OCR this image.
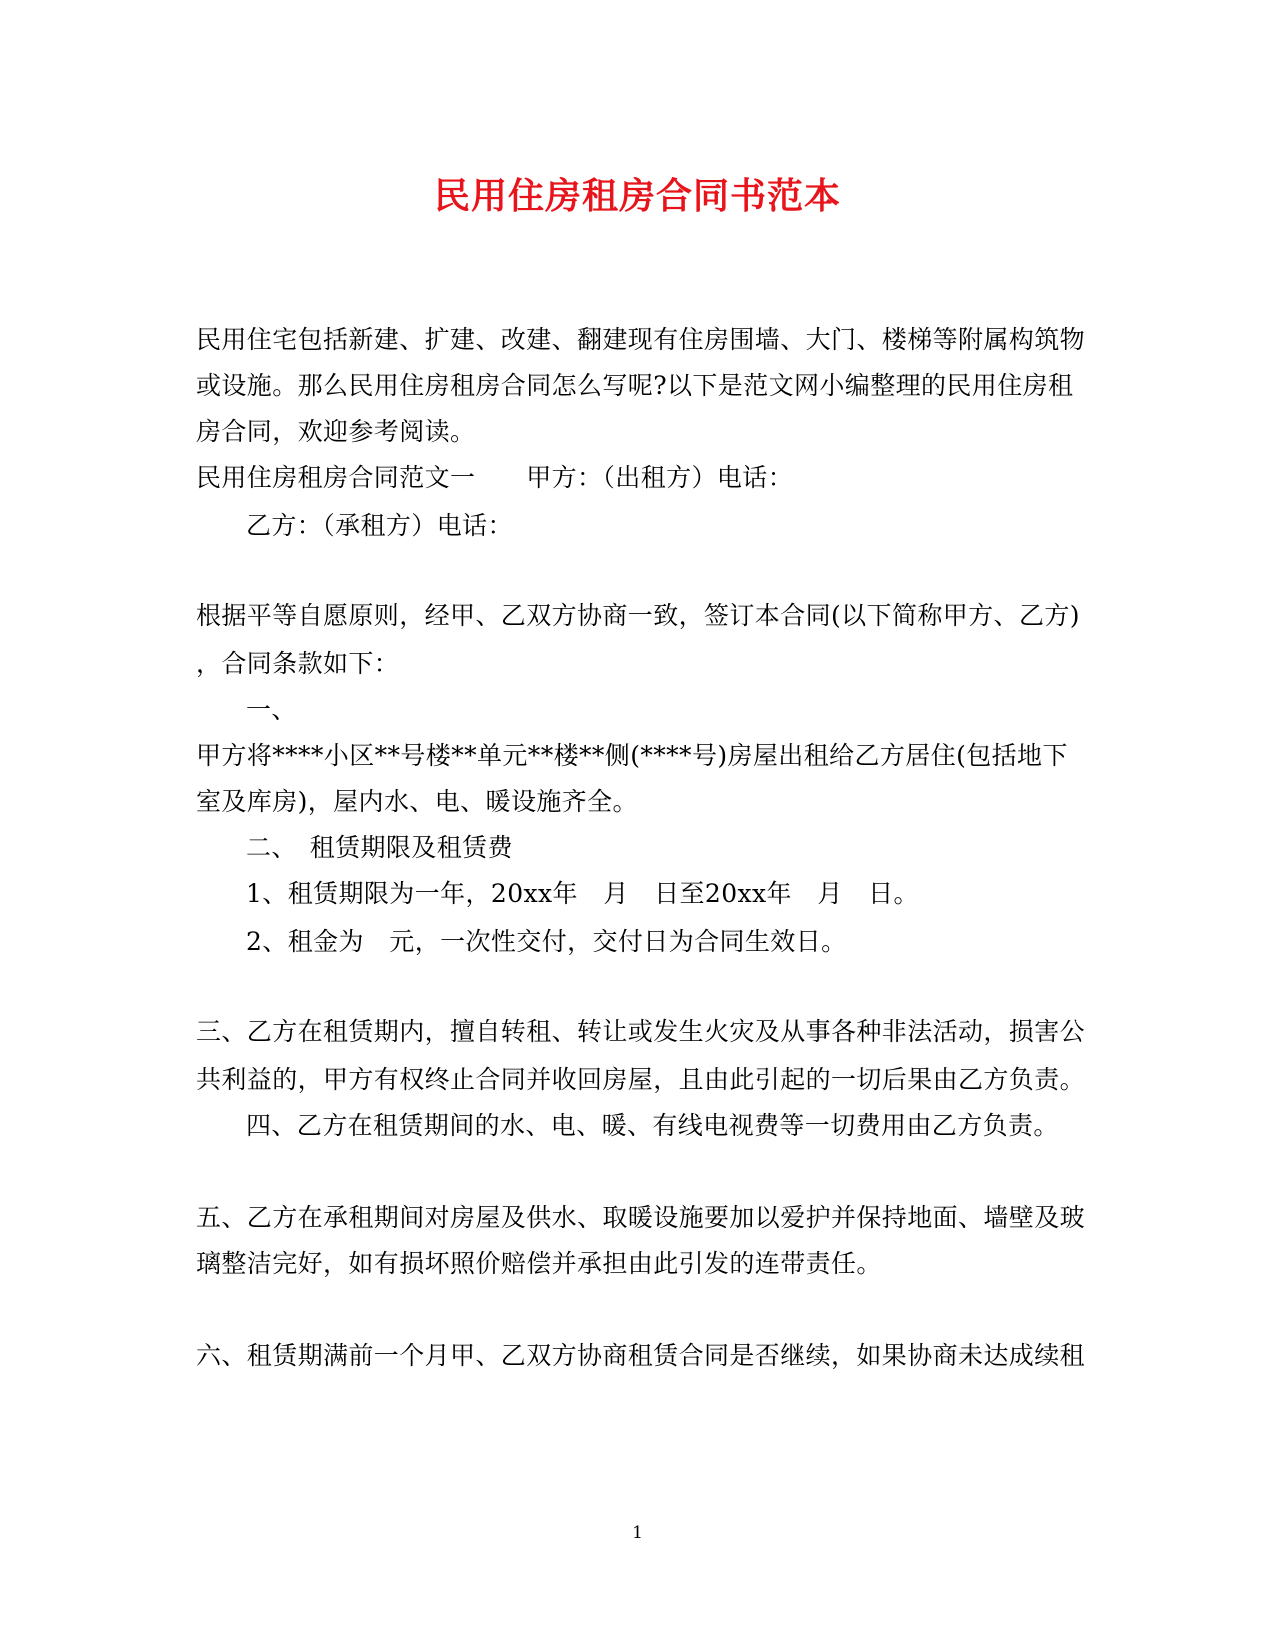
民用住房租房合同书范本
民用住宅包括新建、扩建、改建、翻建现有住房围墙、大门、楼梯等附属构筑物
或设施。那么民用住房租房合同怎么写呢?以下是范文网小编整理的民用住房租
房合同，欢迎参考阅读。
民用住房租房合同范文一　　甲方：（出租方）电话：
乙方：（承租方）电话：
根据平等自愿原则，经甲、乙双方协商一致，签订本合同(以下简称甲方、乙方)
，合同条款如下：
一、
甲方将****小区**号楼**单元**楼**侧(****号)房屋出租给乙方居住(包括地下
室及库房)，屋内水、电、暖设施齐全。
二、　租赁期限及租赁费
1、租赁期限为一年，20xx年　月　日至20xx年　月　日。
2、租金为　元，一次性交付，交付日为合同生效日。
三、乙方在租赁期内，擅自转租、转让或发生火灾及从事各种非法活动，损害公
共利益的，甲方有权终止合同并收回房屋，且由此引起的一切后果由乙方负责。
四、乙方在租赁期间的水、电、暖、有线电视费等一切费用由乙方负责。
五、乙方在承租期间对房屋及供水、取暖设施要加以爱护并保持地面、墙壁及玻
璃整洁完好，如有损坏照价赔偿并承担由此引发的连带责任。
六、租赁期满前一个月甲、乙双方协商租赁合同是否继续，如果协商未达成续租
1
